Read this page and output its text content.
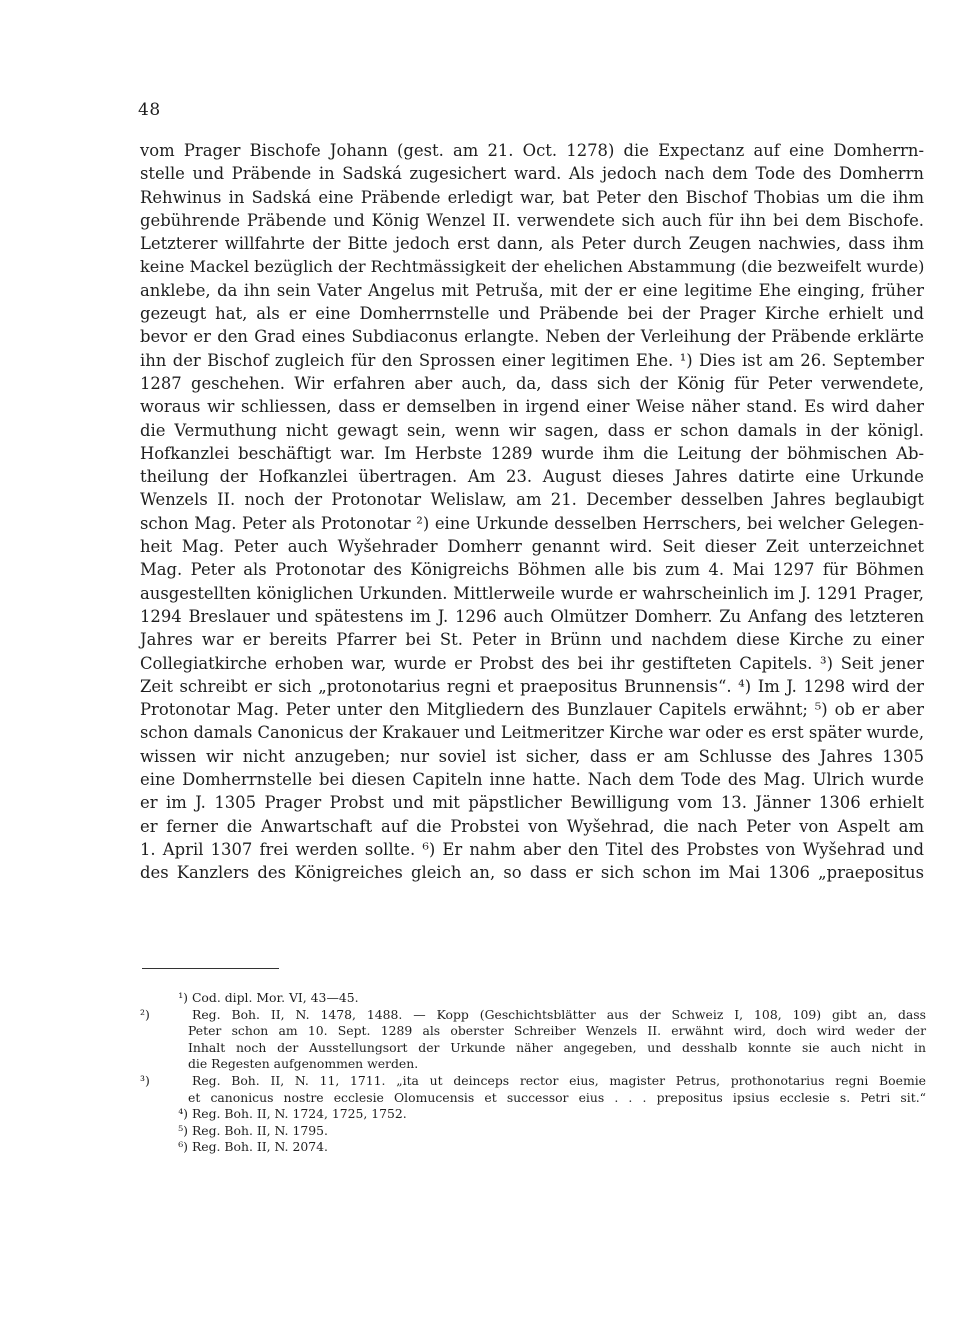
48
vom Prager Bischofe Johann (gest. am 21. Oct. 1278) die Expectanz auf eine Domherrn-
stelle und Präbende in Sadská zugesichert ward. Als jedoch nach dem Tode des Domherrn
Rehwinus in Sadská eine Präbende erledigt war, bat Peter den Bischof Thobias um die ihm
gebührende Präbende und König Wenzel II. verwendete sich auch für ihn bei dem Bischofe.
Letzterer willfahrte der Bitte jedoch erst dann, als Peter durch Zeugen nachwies, dass ihm
keine Mackel bezüglich der Rechtmässigkeit der ehelichen Abstammung (die bezweifelt wurde)
anklebe, da ihn sein Vater Angelus mit Petruša, mit der er eine legitime Ehe einging, früher
gezeugt hat, als er eine Domherrnstelle und Präbende bei der Prager Kirche erhielt und
bevor er den Grad eines Subdiaconus erlangte. Neben der Verleihung der Präbende erklärte
ihn der Bischof zugleich für den Sprossen einer legitimen Ehe. ¹) Dies ist am 26. September
1287 geschehen. Wir erfahren aber auch, da, dass sich der König für Peter verwendete,
woraus wir schliessen, dass er demselben in irgend einer Weise näher stand. Es wird daher
die Vermuthung nicht gewagt sein, wenn wir sagen, dass er schon damals in der königl.
Hofkanzlei beschäftigt war. Im Herbste 1289 wurde ihm die Leitung der böhmischen Ab-
theilung der Hofkanzlei übertragen. Am 23. August dieses Jahres datirte eine Urkunde
Wenzels II. noch der Protonotar Welislaw, am 21. December desselben Jahres beglaubigt
schon Mag. Peter als Protonotar ²) eine Urkunde desselben Herrschers, bei welcher Gelegen-
heit Mag. Peter auch Wyšehrader Domherr genannt wird. Seit dieser Zeit unterzeichnet
Mag. Peter als Protonotar des Königreichs Böhmen alle bis zum 4. Mai 1297 für Böhmen
ausgestellten königlichen Urkunden. Mittlerweile wurde er wahrscheinlich im J. 1291 Prager,
1294 Breslauer und spätestens im J. 1296 auch Olmützer Domherr. Zu Anfang des letzteren
Jahres war er bereits Pfarrer bei St. Peter in Brünn und nachdem diese Kirche zu einer
Collegiatkirche erhoben war, wurde er Probst des bei ihr gestifteten Capitels. ³) Seit jener
Zeit schreibt er sich „protonotarius regni et praepositus Brunnensis“. ⁴) Im J. 1298 wird der
Protonotar Mag. Peter unter den Mitgliedern des Bunzlauer Capitels erwähnt; ⁵) ob er aber
schon damals Canonicus der Krakauer und Leitmeritzer Kirche war oder es erst später wurde,
wissen wir nicht anzugeben; nur soviel ist sicher, dass er am Schlusse des Jahres 1305
eine Domherrnstelle bei diesen Capiteln inne hatte. Nach dem Tode des Mag. Ulrich wurde
er im J. 1305 Prager Probst und mit päpstlicher Bewilligung vom 13. Jänner 1306 erhielt
er ferner die Anwartschaft auf die Probstei von Wyšehrad, die nach Peter von Aspelt am
1. April 1307 frei werden sollte. ⁶) Er nahm aber den Titel des Probstes von Wyšehrad und
des Kanzlers des Königreiches gleich an, so dass er sich schon im Mai 1306 „praepositus
¹) Cod. dipl. Mor. VI, 43—45.
²)	Reg. Boh. II, N. 1478, 1488. — Kopp (Geschichtsblätter aus der Schweiz I, 108, 109) gibt an, dass
Peter schon am 10. Sept. 1289 als oberster Schreiber Wenzels II. erwähnt wird, doch wird weder der
Inhalt noch der Ausstellungsort der Urkunde näher angegeben, und desshalb konnte sie auch nicht in
die Regesten aufgenommen werden.
³)	Reg. Boh. II, N. 11, 1711. „ita ut deinceps rector eius, magister Petrus, prothonotarius regni Boemie
et canonicus nostre ecclesie Olomucensis et successor eius . . . prepositus ipsius ecclesie s. Petri sit.“
⁴) Reg. Boh. II, N. 1724, 1725, 1752.
⁵) Reg. Boh. II, N. 1795.
⁶) Reg. Boh. II, N. 2074.
